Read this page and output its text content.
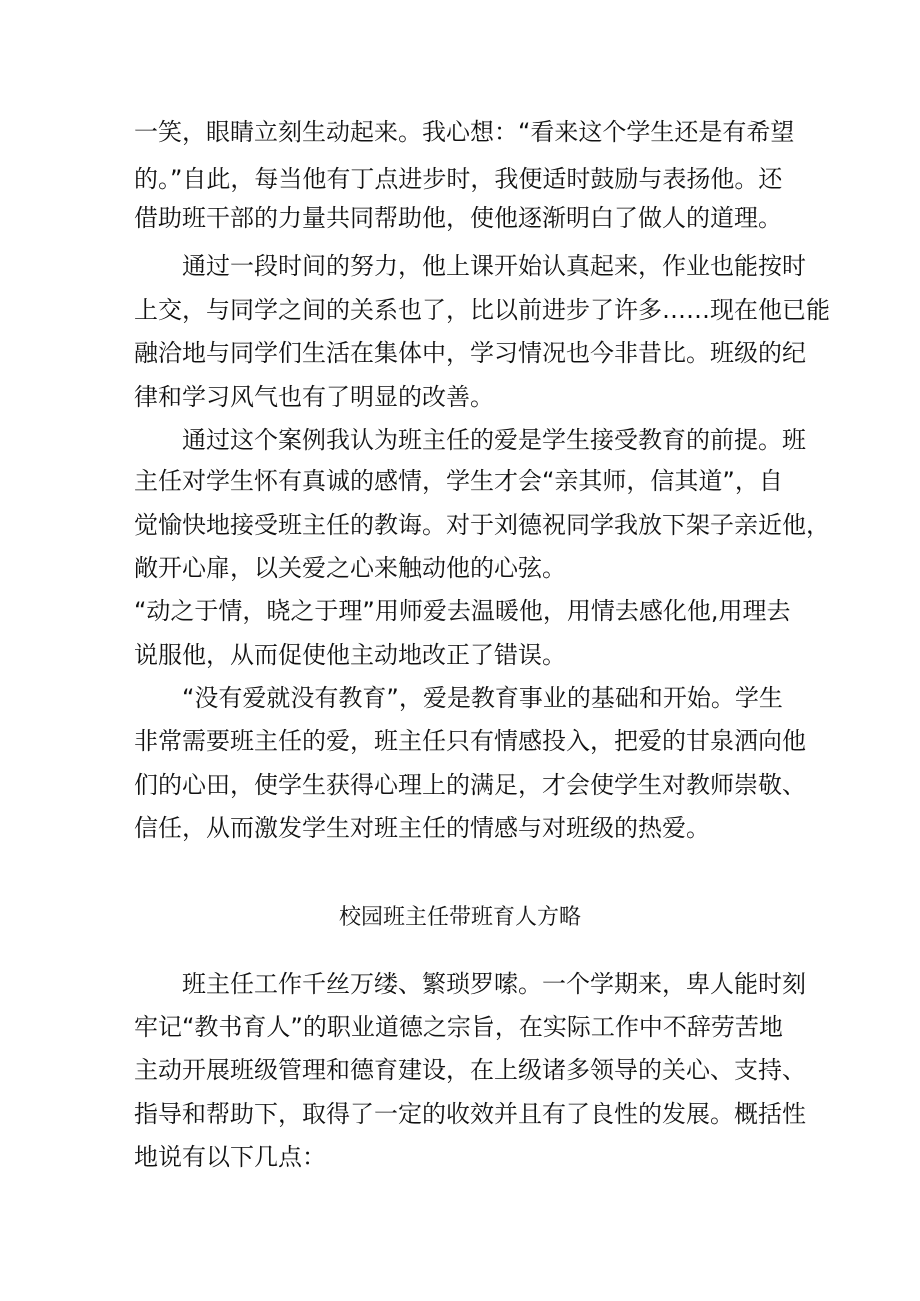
一笑，眼睛立刻生动起来。我心想：“看来这个学生还是有希望
的。”自此，每当他有丁点进步时，我便适时鼓励与表扬他。还
借助班干部的力量共同帮助他，使他逐渐明白了做人的道理。
通过一段时间的努力，他上课开始认真起来，作业也能按时
上交，与同学之间的关系也了，比以前进步了许多……现在他已能
融洽地与同学们生活在集体中，学习情况也今非昔比。班级的纪
律和学习风气也有了明显的改善。
通过这个案例我认为班主任的爱是学生接受教育的前提。班
主任对学生怀有真诚的感情，学生才会“亲其师，信其道”，自
觉愉快地接受班主任的教诲。对于刘德祝同学我放下架子亲近他，
敞开心扉，以关爱之心来触动他的心弦。
“动之于情，晓之于理”用师爱去温暖他，用情去感化他,用理去
说服他，从而促使他主动地改正了错误。
“没有爱就没有教育”，爱是教育事业的基础和开始。学生
非常需要班主任的爱，班主任只有情感投入，把爱的甘泉洒向他
们的心田，使学生获得心理上的满足，才会使学生对教师崇敬、
信任，从而激发学生对班主任的情感与对班级的热爱。
校园班主任带班育人方略
班主任工作千丝万缕、繁琐罗嗦。一个学期来，卑人能时刻
牢记“教书育人”的职业道德之宗旨，在实际工作中不辞劳苦地
主动开展班级管理和德育建设，在上级诸多领导的关心、支持、
指导和帮助下，取得了一定的收效并且有了良性的发展。概括性
地说有以下几点：
